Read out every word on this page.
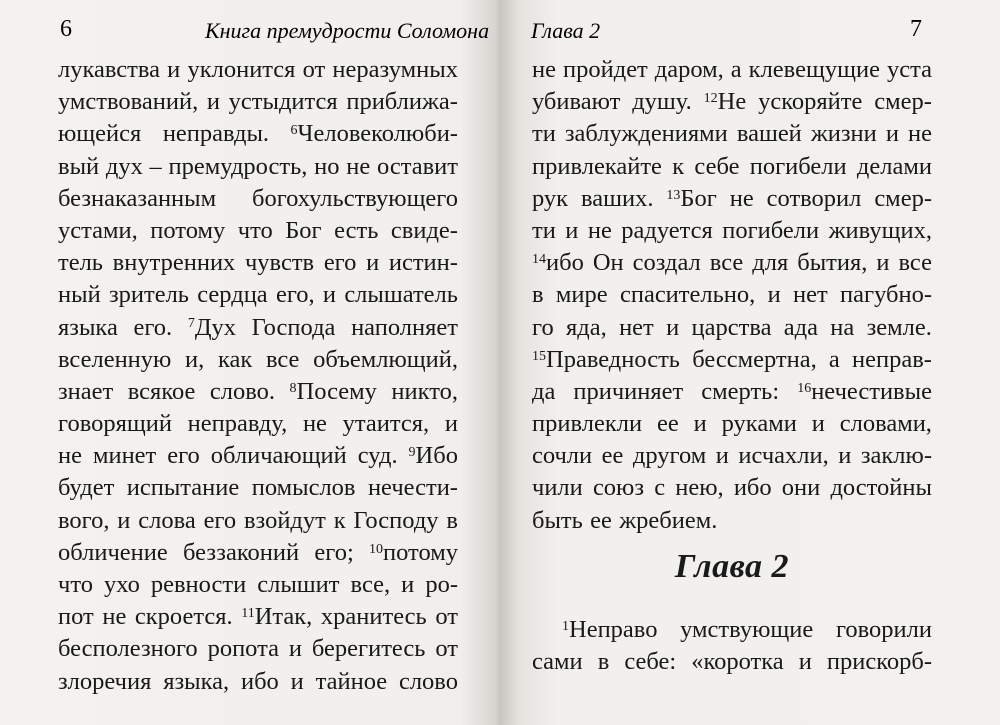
6	Книга премудрости Соломона
лукавства и уклонится от неразумных
умствований, и устыдится приближа-
ющейся неправды. $^6$Человеколюби-
вый дух – премудрость, но не оставит
безнаказанным богохульствующего
устами, потому что Бог есть свиде-
тель внутренних чувств его и истин-
ный зритель сердца его, и слышатель
языка его. $^7$Дух Господа наполняет
вселенную и, как все объемлющий,
знает всякое слово. $^8$Посему никто,
говорящий неправду, не утаится, и
не минет его обличающий суд. $^9$Ибо
будет испытание помыслов нечести-
вого, и слова его взойдут к Господу в
обличение беззаконий его; $^{10}$потому
что ухо ревности слышит все, и ро-
пот не скроется. $^{11}$Итак, хранитесь от
бесполезного ропота и берегитесь от
злоречия языка, ибо и тайное слово
Глава 2	7
не пройдет даром, а клевещущие уста
убивают душу. $^{12}$Не ускоряйте смер-
ти заблуждениями вашей жизни и не
привлекайте к себе погибели делами
рук ваших. $^{13}$Бог не сотворил смер-
ти и не радуется погибели живущих,
$^{14}$ибо Он создал все для бытия, и все
в мире спасительно, и нет пагубно-
го яда, нет и царства ада на земле.
$^{15}$Праведность бессмертна, а неправ-
да причиняет смерть: $^{16}$нечестивые
привлекли ее и руками и словами,
сочли ее другом и исчахли, и заклю-
чили союз с нею, ибо они достойны
быть ее жребием.
Глава 2
$^1$Неправо умствующие говорили
сами в себе: «коротка и прискорб-
